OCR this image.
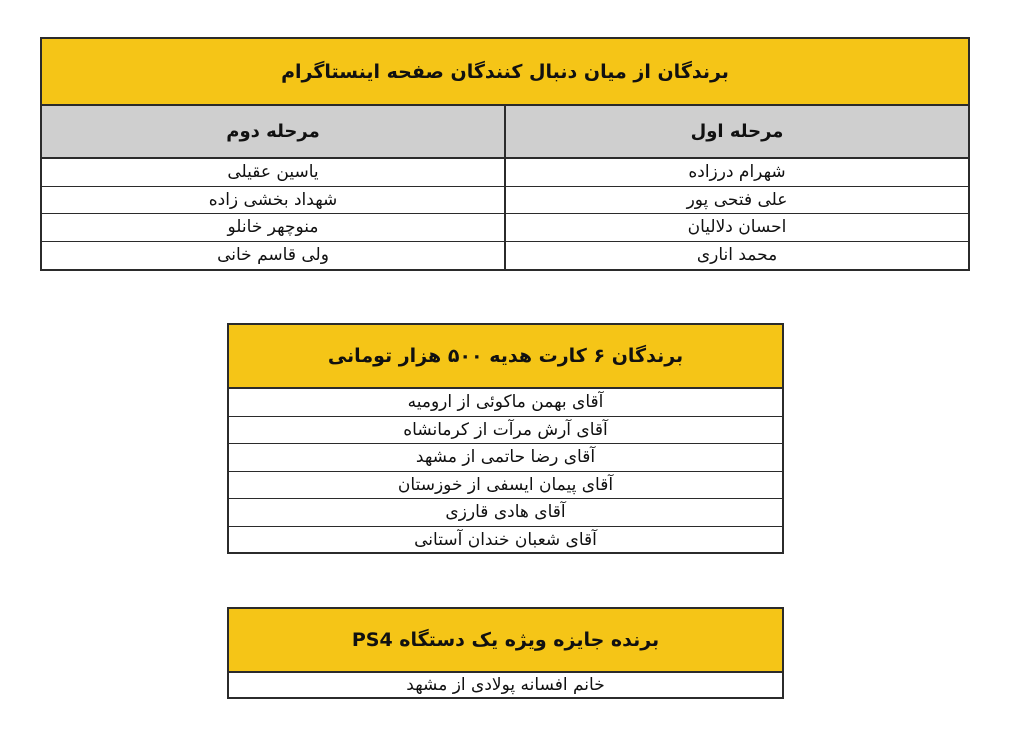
برندگان از میان دنبال کنندگان صفحه اینستاگرام
مرحله اول
مرحله دوم
شهرام درزاده
یاسین عقیلی
علی فتحی پور
شهداد بخشی زاده
احسان دلالیان
منوچهر خانلو
محمد اناری
ولی قاسم خانی
برندگان ۶ کارت هدیه ۵۰۰ هزار تومانی
آقای بهمن ماکوئی از ارومیه
آقای آرش مرآت از کرمانشاه
آقای رضا حاتمی از مشهد
آقای پیمان ایسفی از خوزستان
آقای هادی قارزی
آقای شعبان خندان آستانی
برنده جایزه ویژه یک دستگاه PS4
خانم افسانه پولادی از مشهد
